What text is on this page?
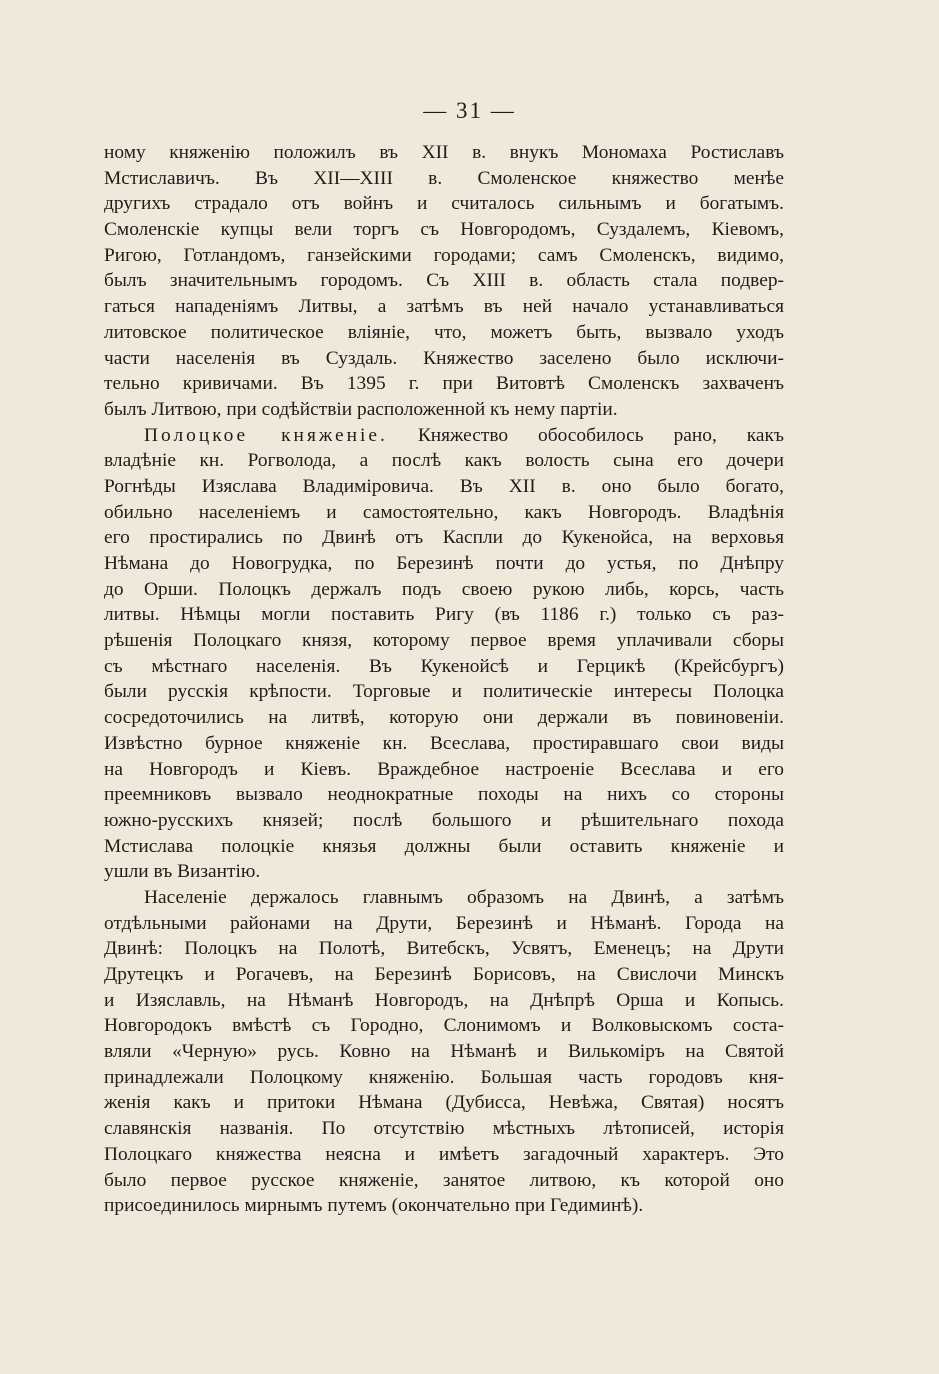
— 31 —
ному княженію положилъ въ XII в. внукъ Мономаха Ростиславъ
Мстиславичъ. Въ XII—XIII в. Смоленское княжество менѣе
другихъ страдало отъ войнъ и считалось сильнымъ и богатымъ.
Смоленскіе купцы вели торгъ съ Новгородомъ, Суздалемъ, Кіевомъ,
Ригою, Готландомъ, ганзейскими городами; самъ Смоленскъ, видимо,
былъ значительнымъ городомъ. Съ XIII в. область стала подвер-
гаться нападеніямъ Литвы, а затѣмъ въ ней начало устанавливаться
литовское политическое вліяніе, что, можетъ быть, вызвало уходъ
части населенія въ Суздаль. Княжество заселено было исключи-
тельно кривичами. Въ 1395 г. при Витовтѣ Смоленскъ захваченъ
былъ Литвою, при содѣйствіи расположенной къ нему партіи.
Полоцкое княженіе. Княжество обособилось рано, какъ
владѣніе кн. Рогволода, а послѣ какъ волость сына его дочери
Рогнѣды Изяслава Владиміровича. Въ XII в. оно было богато,
обильно населеніемъ и самостоятельно, какъ Новгородъ. Владѣнія
его простирались по Двинѣ отъ Каспли до Кукенойса, на верховья
Нѣмана до Новогрудка, по Березинѣ почти до устья, по Днѣпру
до Орши. Полоцкъ держалъ подъ своею рукою либь, корсь, часть
литвы. Нѣмцы могли поставить Ригу (въ 1186 г.) только съ раз-
рѣшенія Полоцкаго князя, которому первое время уплачивали сборы
съ мѣстнаго населенія. Въ Кукенойсѣ и Герцикѣ (Крейсбургъ)
были русскія крѣпости. Торговые и политическіе интересы Полоцка
сосредоточились на литвѣ, которую они держали въ повиновеніи.
Извѣстно бурное княженіе кн. Всеслава, простиравшаго свои виды
на Новгородъ и Кіевъ. Враждебное настроеніе Всеслава и его
преемниковъ вызвало неоднократные походы на нихъ со стороны
южно-русскихъ князей; послѣ большого и рѣшительнаго похода
Мстислава полоцкіе князья должны были оставить княженіе и
ушли въ Византію.
Населеніе держалось главнымъ образомъ на Двинѣ, а затѣмъ
отдѣльными районами на Друти, Березинѣ и Нѣманѣ. Города на
Двинѣ: Полоцкъ на Полотѣ, Витебскъ, Усвятъ, Еменецъ; на Друти
Друтецкъ и Рогачевъ, на Березинѣ Борисовъ, на Свислочи Минскъ
и Изяславль, на Нѣманѣ Новгородъ, на Днѣпрѣ Орша и Копысь.
Новгородокъ вмѣстѣ съ Городно, Слонимомъ и Волковыскомъ соста-
вляли «Черную» русь. Ковно на Нѣманѣ и Вилькоміръ на Святой
принадлежали Полоцкому княженію. Большая часть городовъ кня-
женія какъ и притоки Нѣмана (Дубисса, Невѣжа, Святая) носятъ
славянскія названія. По отсутствію мѣстныхъ лѣтописей, исторія
Полоцкаго княжества неясна и имѣетъ загадочный характеръ. Это
было первое русское княженіе, занятое литвою, къ которой оно
присоединилось мирнымъ путемъ (окончательно при Гедиминѣ).
